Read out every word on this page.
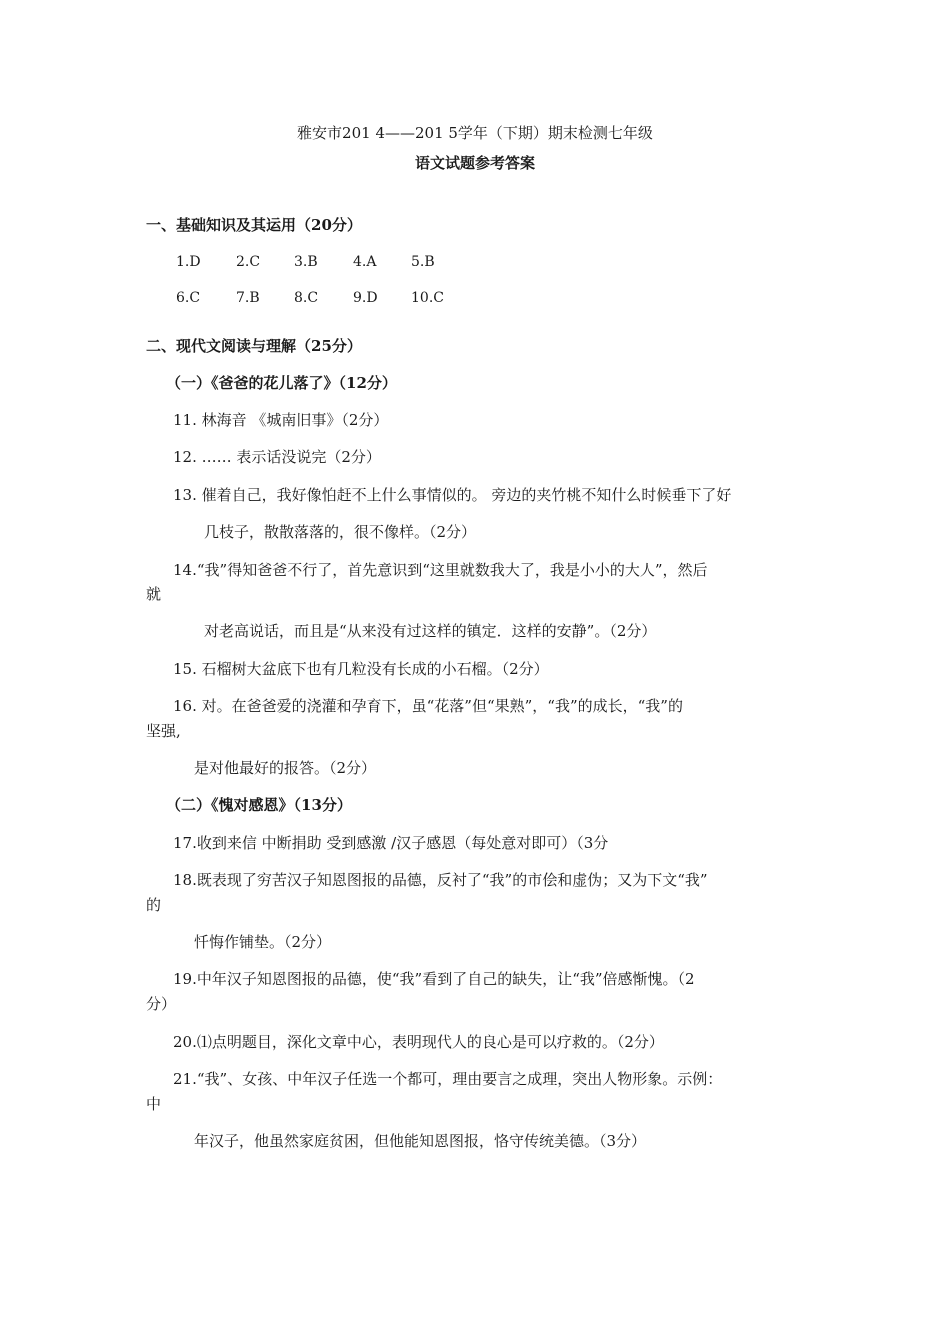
雅安市201 4——201 5学年（下期）期末检测七年级
语文试题参考答案
一、基础知识及其运用（20分）
1.D	2.C 3.B	4.A 5.B
6.C	7.B 8.C 9.D 10.C
二、现代文阅读与理解（25分）
（一）《爸爸的花儿落了》（12分）
11. 林海音 《城南旧事》（2分）
12. …… 表示话没说完（2分）
13. 催着自己，我好像怕赶不上什么事情似的。 旁边的夹竹桃不知什么时候垂下了好
几枝子，散散落落的，很不像样。（2分）
14.“我”得知爸爸不行了，首先意识到“这里就数我大了，我是小小的大人”，然后
就
对老高说话，而且是“从来没有过这样的镇定．这样的安静”。（2分）
15. 石榴树大盆底下也有几粒没有长成的小石榴。（2分）
16. 对。在爸爸爱的浇灌和孕育下，虽“花落”但“果熟”，“我”的成长，“我”的
坚强,
是对他最好的报答。（2分）
（二）《愧对感恩》（13分）
17.收到来信 中断捐助 受到感激 /汉子感恩（每处意对即可）（3分
18.既表现了穷苦汉子知恩图报的品德，反衬了“我”的市侩和虚伪；又为下文“我”
的
忏悔作铺垫。（2分）
19.中年汉子知恩图报的品德，使“我”看到了自己的缺失，让“我”倍感惭愧。（2
分）
20.⑴点明题目，深化文章中心，表明现代人的良心是可以疗救的。（2分）
21.“我”、女孩、中年汉子任选一个都可，理由要言之成理，突出人物形象。示例：
中
年汉子，他虽然家庭贫困，但他能知恩图报，恪守传统美德。（3分）
